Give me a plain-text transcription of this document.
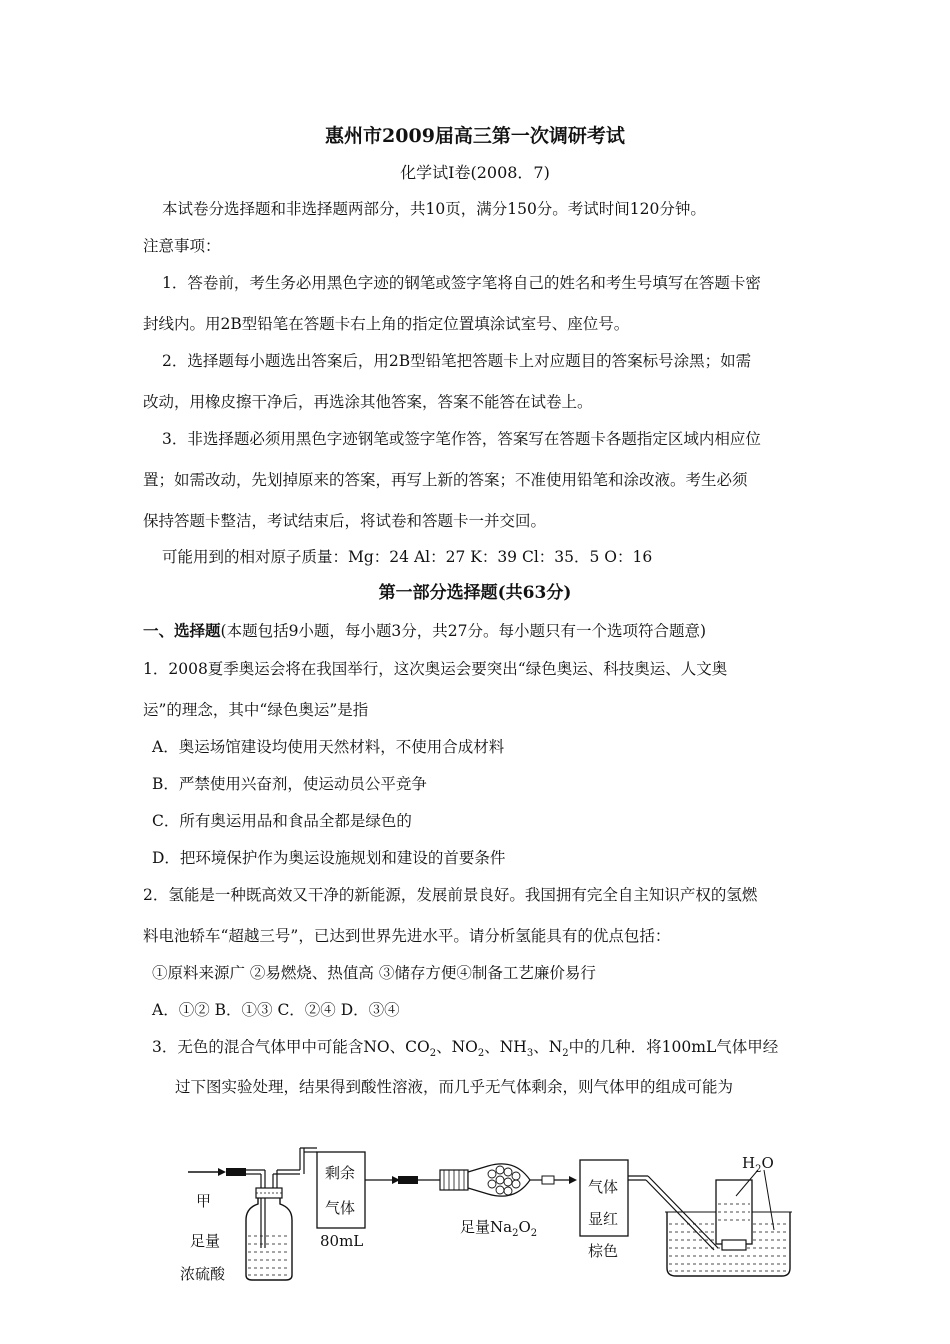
惠州市2009届高三第一次调研考试
化学试Ⅰ卷(2008．7)
本试卷分选择题和非选择题两部分，共10页，满分150分。考试时间120分钟。
注意事项：
1．答卷前，考生务必用黑色字迹的钢笔或签字笔将自己的姓名和考生号填写在答题卡密
封线内。用2B型铅笔在答题卡右上角的指定位置填涂试室号、座位号。
2．选择题每小题选出答案后，用2B型铅笔把答题卡上对应题目的答案标号涂黑；如需
改动，用橡皮擦干净后，再选涂其他答案，答案不能答在试卷上。
3．非选择题必须用黑色字迹钢笔或签字笔作答，答案写在答题卡各题指定区域内相应位
置；如需改动，先划掉原来的答案，再写上新的答案；不准使用铅笔和涂改液。考生必须
保持答题卡整洁，考试结束后，将试卷和答题卡一并交回。
可能用到的相对原子质量：Mg：24 Al：27 K：39 Cl：35．5 O：16
第一部分选择题(共63分)
一、选择题(本题包括9小题，每小题3分，共27分。每小题只有一个选项符合题意)
1．2008夏季奥运会将在我国举行，这次奥运会要突出“绿色奥运、科技奥运、人文奥
运”的理念，其中“绿色奥运”是指
A．奥运场馆建设均使用天然材料，不使用合成材料
B．严禁使用兴奋剂，使运动员公平竞争
C．所有奥运用品和食品全都是绿色的
D．把环境保护作为奥运设施规划和建设的首要条件
2．氢能是一种既高效又干净的新能源，发展前景良好。我国拥有完全自主知识产权的氢燃
料电池轿车“超越三号”，已达到世界先进水平。请分析氢能具有的优点包括：
①原料来源广 ②易燃烧、热值高 ③储存方便④制备工艺廉价易行
A．①② B．①③ C．②④ D．③④
3．无色的混合气体甲中可能含NO、$CO_2$、$NO_2$、$NH_3$、$N_2$中的几种．将100mL气体甲经
过下图实验处理，结果得到酸性溶液，而几乎无气体剩余，则气体甲的组成可能为
甲
足量
浓硫酸
剩余
气体
80mL
足量$Na_2O_2$
气体
显红
棕色
$H_2O$
